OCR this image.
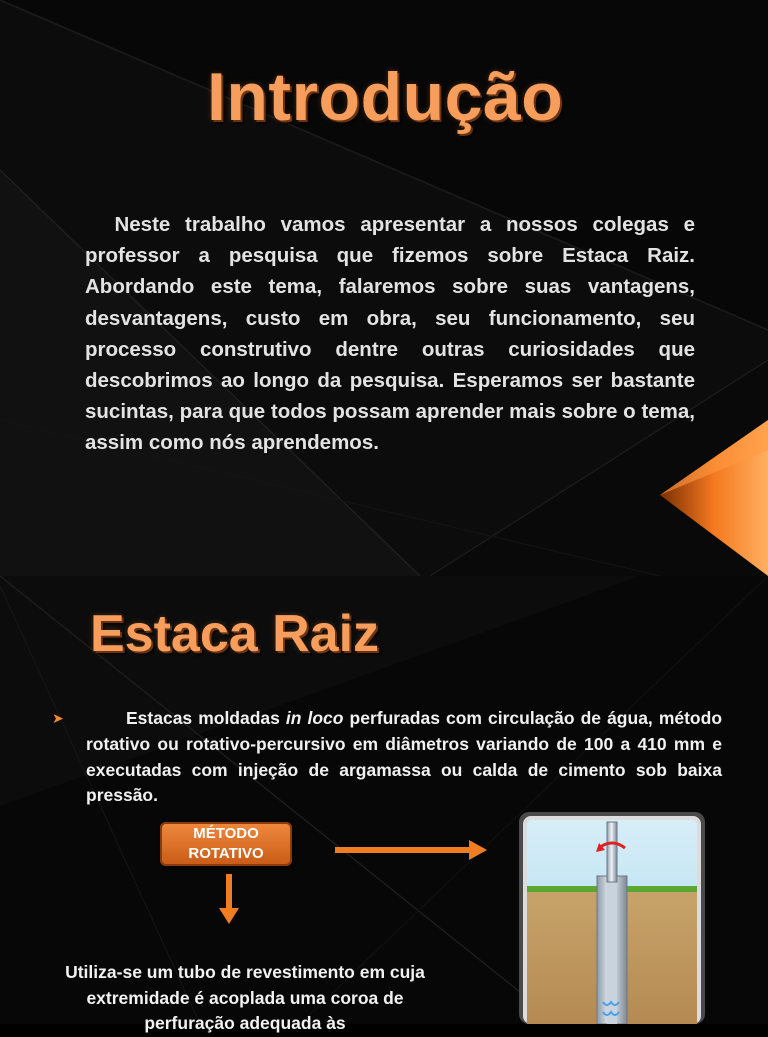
Introdução

Neste trabalho vamos apresentar a nossos colegas e professor a pesquisa que fizemos sobre Estaca Raiz. Abordando este tema, falaremos sobre suas vantagens, desvantagens, custo em obra, seu funcionamento, seu processo construtivo dentre outras curiosidades que descobrimos ao longo da pesquisa. Esperamos ser bastante sucintas, para que todos possam aprender mais sobre o tema, assim como nós aprendemos.

Estaca Raiz
➤	Estacas moldadas in loco perfuradas com circulação de água, método rotativo ou rotativo-percursivo em diâmetros variando de 100 a 410 mm e executadas com injeção de argamassa ou calda de cimento sob baixa pressão.

MÉTODO
ROTATIVO

Utiliza-se um tubo de revestimento em cuja extremidade é acoplada uma coroa de perfuração adequada às
